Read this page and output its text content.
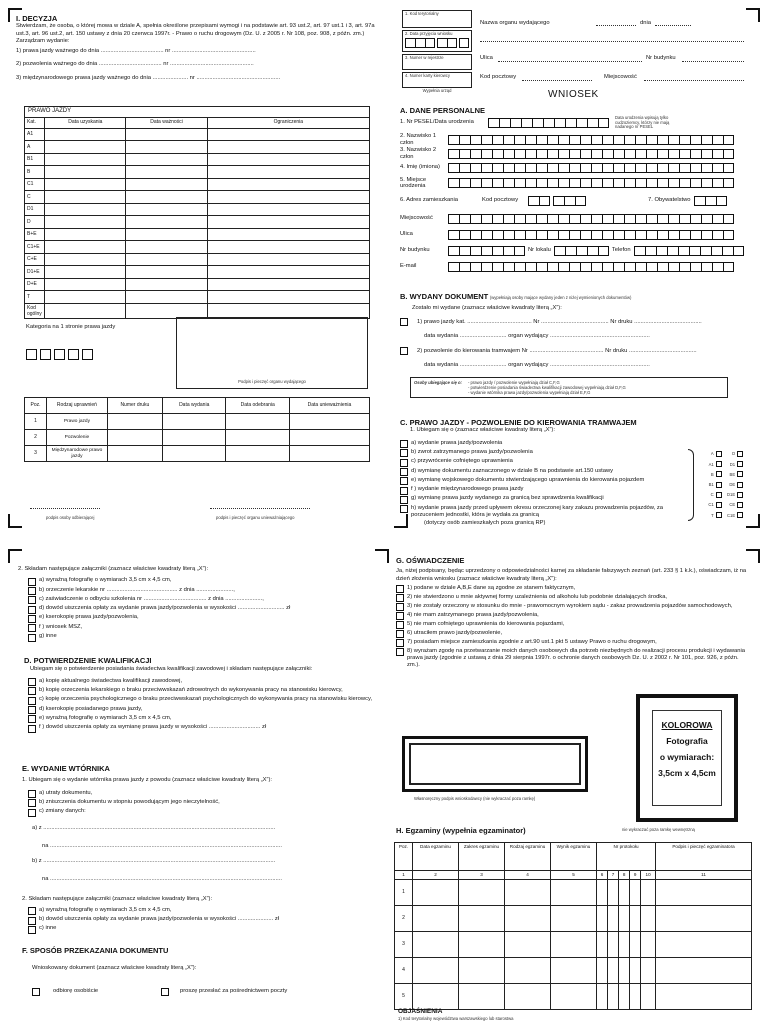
I. DECYZJA
Stwierdzam, że osoba, o której mowa w dziale A, spełnia określone przepisami wymogi i na podstawie art. 93 ust.2, art. 97 ust.1 i 3, art. 97a ust.3, art. 96 ust.2, art. 150 ustawy z dnia 20 czerwca 1997r. - Prawo o ruchu drogowym (Dz. U. z 2005 r. Nr 108, poz. 908, z późn. zm.)
Zarządzam wydanie:
1) prawa jazdy ważnego do dnia ....................................... nr ....................................................
2) pozwolenia ważnego do dnia ....................................... nr ....................................................
3) międzynarodowego prawa jazdy ważnego do dnia ...................... nr ....................................................
PRAWO JAZDY
Kat.	Data uzyskania	Data ważności	Ograniczenia
A1			
A			
B1			
B			
C1			
C			
D1			
D			
B+E			
C1+E			
C+E			
D1+E			
D+E			
T			
Kod ogólny			
Kategoria na 1 stronie prawa jazdy
Podpis i pieczęć organu wydającego
Poz.	Rodzaj uprawnień	Numer druku	Data wydania	Data odebrania	Data unieważnienia
1	Prawo jazdy				
2	Pozwolenie				
3	Międzynarodowe prawo jazdy				
podpis osoby odbierającej	podpis i pieczęć organu unieważniającego
1. Kod terytorialny
2. Data przyjęcia wniosku
3. Numer w rejestrze
4. Numer karty kierowcy
Wypełnia urząd
Nazwa organu wydającego	dnia
Ulica	Nr budynku
Kod pocztowy	Miejscowość
WNIOSEK
A. DANE PERSONALNE
1. Nr PESEL/Data urodzenia
Data urodzenia wpisują tylko cudzoziemcy, którzy nie mają nadanego nr PESEL
2. Nazwisko 1 człon
3. Nazwisko 2 człon
4. Imię (imiona)
5. Miejsce urodzenia
6. Adres zamieszkania	Kod pocztowy	7. Obywatelstwo
Miejscowość
Ulica
Nr budynku	Nr lokalu	Telefon
E-mail
B. WYDANY DOKUMENT (wypełniają osoby mające wydany jeden z niżej wymienionych dokumentów)
Zostało mi wydane (zaznacz właściwe kwadraty literą „X”):
1) prawo jazdy kat. ........................................ Nr .......................................... Nr druku ..........................................
data wydania ............................. organ wydający ..............................................................
2) pozwolenie do kierowania tramwajem Nr .............................................. Nr druku ..........................................
data wydania ............................. organ wydający ..............................................................
Osoby ubiegające się o:	- prawo jazdy / pozwolenie wypełniają dział C,F,G
- potwierdzenie posiadania świadectwa kwalifikacji zawodowej wypełniają dział D,F,G
- wydanie wtórnika prawa jazdy/pozwolenia wypełniają dział E,F,G
C. PRAWO JAZDY - POZWOLENIE DO KIEROWANIA TRAMWAJEM
1. Ubiegam się o (zaznacz właściwe kwadraty literą „X”):
a) wydanie prawa jazdy/pozwolenia
b) zwrot zatrzymanego prawa jazdy/pozwolenia
c) przywrócenie cofniętego uprawnienia
d) wymianę dokumentu zaznaczonego w dziale B na podstawie art.150 ustawy
e) wymianę wojskowego dokumentu stwierdzającego uprawnienia do kierowania pojazdem
f ) wydanie międzynarodowego prawa jazdy
g) wymianę prawa jazdy wydanego za granicą bez sprawdzenia kwalifikacji
h) wydanie prawa jazdy przed upływem okresu orzeczonej kary zakazu prowadzenia pojazdów, za porzuceniem jednostki, która je wydała za granicą
(dotyczy osób zamieszkałych poza granicą RP)
A	D
A1	D1
B	BE
B1	DE
C	D1E
C1	CE
T	C1E
2. Składam następujące załączniki (zaznacz właściwe kwadraty literą „X”):
a) wyraźną fotografię o wymiarach 3,5 cm x 4,5 cm,
b) orzeczenie lekarskie nr ............................................ z dnia .......................,
c) zaświadczenie o odbyciu szkolenia nr ....................................... z dnia .......................,
d) dowód uiszczenia opłaty za wydanie prawa jazdy/pozwolenia w wysokości ............................. zł
e) kserokopię prawa jazdy/pozwolenia,
f ) wniosek MSZ,
g) inne
D. POTWIERDZENIE KWALIFIKACJI
Ubiegam się o potwierdzenie posiadania świadectwa kwalifikacji zawodowej i składam następujące załączniki:
a) kopię aktualnego świadectwa kwalifikacji zawodowej,
b) kopię orzeczenia lekarskiego o braku przeciwwskazań zdrowotnych do wykonywania pracy na stanowisku kierowcy,
c) kopię orzeczenia psychologicznego o braku przeciwwskazań psychologicznych do wykonywania pracy na stanowisku kierowcy,
d) kserokopię posiadanego prawa jazdy,
e) wyraźną fotografię o wymiarach 3,5 cm x 4,5 cm,
f ) dowód uiszczenia opłaty za wymianę prawa jazdy w wysokości ................................ zł
E. WYDANIE WTÓRNIKA
1. Ubiegam się o wydanie wtórnika prawa jazdy z powodu (zaznacz właściwe kwadraty literą „X”):
a) utraty dokumentu,
b) zniszczenia dokumentu w stopniu powodującym jego nieczytelność,
c) zmiany danych:
a) z ................................................................................................................................................
na ................................................................................................................................................
b) z ................................................................................................................................................
na ................................................................................................................................................
2. Składam następujące załączniki (zaznacz właściwe kwadraty literą „X”):
a) wyraźną fotografię o wymiarach 3,5 cm x 4,5 cm,
b) dowód uiszczenia opłaty za wydanie prawa jazdy/pozwolenia w wysokości ...................... zł
c) inne
F. SPOSÓB PRZEKAZANIA DOKUMENTU
Wnioskowany dokument (zaznacz właściwe kwadraty literą „X”):
odbiorę osobiście	proszę przesłać za pośrednictwem poczty
G. OŚWIADCZENIE
Ja, niżej podpisany, będąc uprzedzony o odpowiedzialności karnej za składanie fałszywych zeznań (art. 233 § 1 k.k.), oświadczam, iż na dzień złożenia wniosku (zaznacz właściwe kwadraty literą „X”):
1) podane w dziale A,B,E dane są zgodne ze stanem faktycznym,
2) nie stwierdzono u mnie aktywnej formy uzależnienia od alkoholu lub podobnie działających środka,
3) nie zostały orzeczony w stosunku do mnie - prawomocnym wyrokiem sądu - zakaz prowadzenia pojazdów samochodowych,
4) nie mam zatrzymanego prawa jazdy/pozwolenia,
5) nie mam cofniętego uprawnienia do kierowania pojazdami,
6) utraciłem prawo jazdy/pozwolenie,
7) posiadam miejsce zamieszkania zgodnie z art.90 ust.1 pkt 5 ustawy Prawo o ruchu drogowym,
8) wyrażam zgodę na przetwarzanie moich danych osobowych dla potrzeb niezbędnych do realizacji procesu produkcji i wydawania prawa jazdy (zgodnie z ustawą z dnia 29 sierpnia 1997r. o ochronie danych osobowych Dz. U. z 2002 r. Nr 101, poz. 926, z późn. zm.).
Własnoręczny podpis wnioskodawcy (nie wykraczać poza ramkę)
KOLOROWA
Fotografia
o wymiarach:
3,5cm x 4,5cm
nie wykraczać poza ramkę wewnętrzną
H. Egzaminy (wypełnia egzaminator)
Poz.	Data egzaminu	Zakres egzaminu	Rodzaj egzaminu	Wynik egzaminu	Nr protokołu					Podpis i pieczęć egzaminatora
1	2	3	4	5	6	7	8	9	10	11
1										
2										
3										
4										
5										
OBJAŚNIENIA
1) Kod terytorialny województwa warszawskiego lub starostwa
